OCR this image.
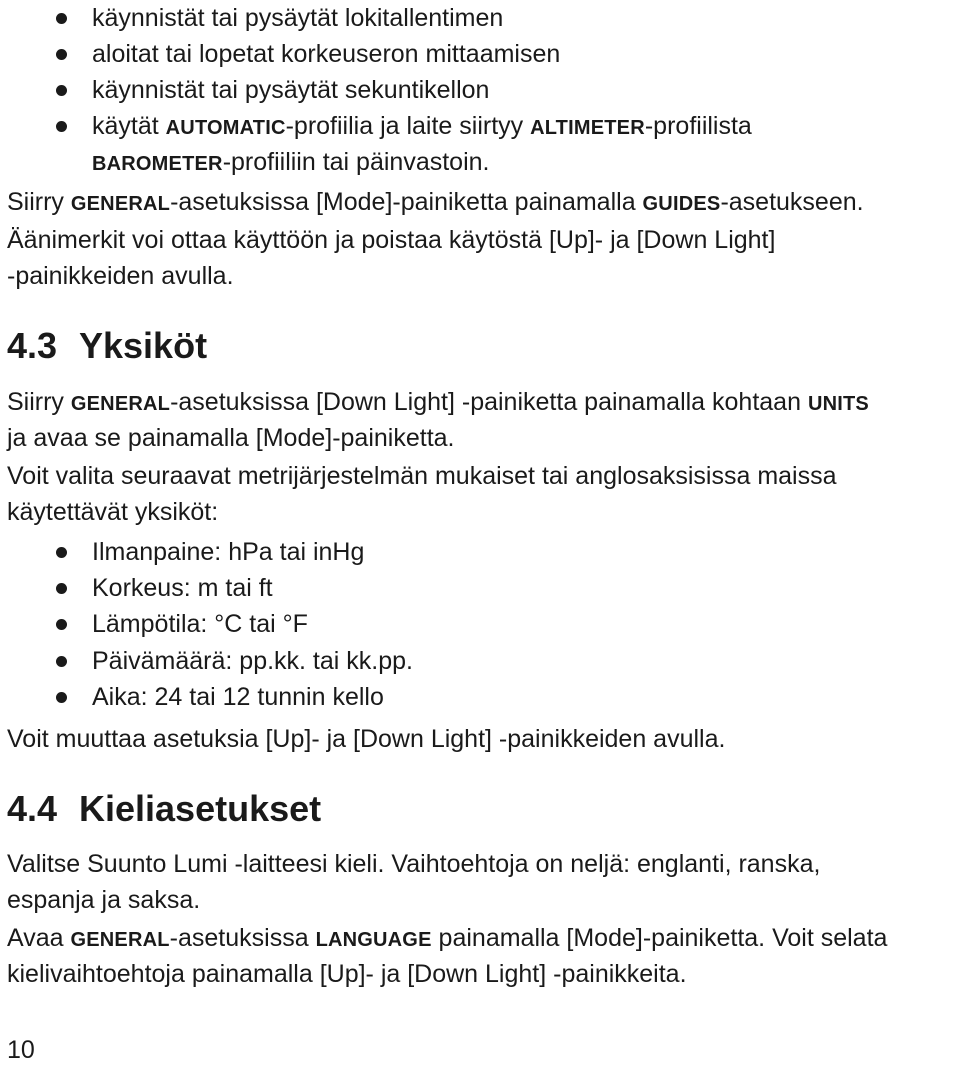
käynnistät tai pysäytät lokitallentimen

aloitat tai lopetat korkeuseron mittaamisen

käynnistät tai pysäytät sekuntikellon

käytät AUTOMATIC-profiilia ja laite siirtyy ALTIMETER-profiilista

BAROMETER-profiiliin tai päinvastoin.

Siirry GENERAL-asetuksissa [Mode]-painiketta painamalla GUIDES-asetukseen.

Äänimerkit voi ottaa käyttöön ja poistaa käytöstä [Up]- ja [Down Light]

-painikkeiden avulla.

4.3 Yksiköt

Siirry GENERAL-asetuksissa [Down Light] -painiketta painamalla kohtaan UNITS

ja avaa se painamalla [Mode]-painiketta.

Voit valita seuraavat metrijärjestelmän mukaiset tai anglosaksisissa maissa

käytettävät yksiköt:

Ilmanpaine: hPa tai inHg

Korkeus: m tai ft

Lämpötila: °C tai °F

Päivämäärä: pp.kk. tai kk.pp.

Aika: 24 tai 12 tunnin kello

Voit muuttaa asetuksia [Up]- ja [Down Light] -painikkeiden avulla.

4.4 Kieliasetukset

Valitse Suunto Lumi -laitteesi kieli. Vaihtoehtoja on neljä: englanti, ranska,

espanja ja saksa.

Avaa GENERAL-asetuksissa LANGUAGE painamalla [Mode]-painiketta. Voit selata

kielivaihtoehtoja painamalla [Up]- ja [Down Light] -painikkeita.

10
